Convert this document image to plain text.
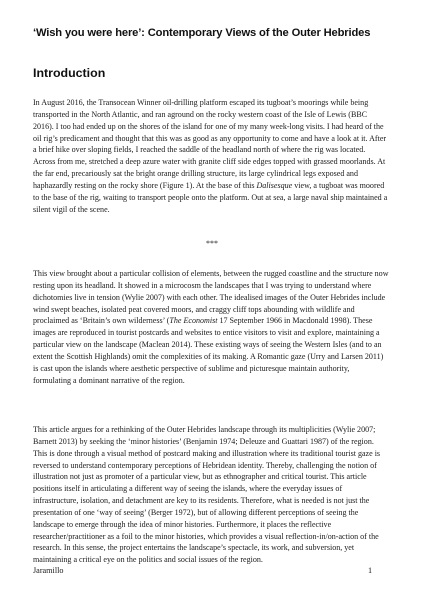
‘Wish you were here’: Contemporary Views of the Outer Hebrides
Introduction

In August 2016, the Transocean Winner oil-drilling platform escaped its tugboat’s moorings while being transported in the North Atlantic, and ran aground on the rocky western coast of the Isle of Lewis (BBC 2016). I too had ended up on the shores of the island for one of my many week-long visits. I had heard of the oil rig’s predicament and thought that this was as good as any opportunity to come and have a look at it. After a brief hike over sloping fields, I reached the saddle of the headland north of where the rig was located. Across from me, stretched a deep azure water with granite cliff side edges topped with grassed moorlands. At the far end, precariously sat the bright orange drilling structure, its large cylindrical legs exposed and haphazardly resting on the rocky shore (Figure 1). At the base of this Dalisesque view, a tugboat was moored to the base of the rig, waiting to transport people onto the platform. Out at sea, a large naval ship maintained a silent vigil of the scene.

***

This view brought about a particular collision of elements, between the rugged coastline and the structure now resting upon its headland. It showed in a microcosm the landscapes that I was trying to understand where dichotomies live in tension (Wylie 2007) with each other. The idealised images of the Outer Hebrides include wind swept beaches, isolated peat covered moors, and craggy cliff tops abounding with wildlife and proclaimed as ‘Britain’s own wilderness’ (The Economist 17 September 1966 in Macdonald 1998). These images are reproduced in tourist postcards and websites to entice visitors to visit and explore, maintaining a particular view on the landscape (Maclean 2014). These existing ways of seeing the Western Isles (and to an extent the Scottish Highlands) omit the complexities of its making. A Romantic gaze (Urry and Larsen 2011) is cast upon the islands where aesthetic perspective of sublime and picturesque maintain authority, formulating a dominant narrative of the region.

This article argues for a rethinking of the Outer Hebrides landscape through its multiplicities (Wylie 2007; Barnett 2013) by seeking the ‘minor histories’ (Benjamin 1974; Deleuze and Guattari 1987) of the region. This is done through a visual method of postcard making and illustration where its traditional tourist gaze is reversed to understand contemporary perceptions of Hebridean identity. Thereby, challenging the notion of illustration not just as promoter of a particular view, but as ethnographer and critical tourist. This article positions itself in articulating a different way of seeing the islands, where the everyday issues of infrastructure, isolation, and detachment are key to its residents. Therefore, what is needed is not just the presentation of one ‘way of seeing’ (Berger 1972), but of allowing different perceptions of seeing the landscape to emerge through the idea of minor histories. Furthermore, it places the reflective researcher/practitioner as a foil to the minor histories, which provides a visual reflection-in/on-action of the research. In this sense, the project entertains the landscape’s spectacle, its work, and subversion, yet maintaining a critical eye on the politics and social issues of the region.

Jaramillo	1
